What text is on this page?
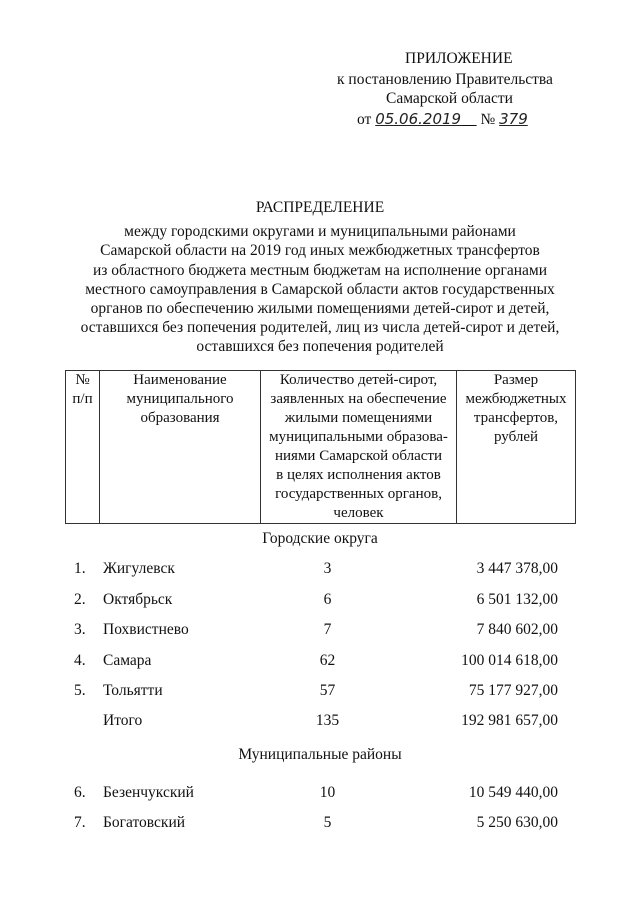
ПРИЛОЖЕНИЕ
к постановлению Правительства
Самарской области
от 05.06.2019 № 379
РАСПРЕДЕЛЕНИЕ
между городскими округами и муниципальными районами
Самарской области на 2019 год иных межбюджетных трансфертов
из областного бюджета местным бюджетам на исполнение органами
местного самоуправления в Самарской области актов государственных
органов по обеспечению жилыми помещениями детей-сирот и детей,
оставшихся без попечения родителей, лиц из числа детей-сирот и детей,
оставшихся без попечения родителей
№
п/п

Наименование
муниципального
образования

Количество детей-сирот,
заявленных на обеспечение
жилыми помещениями
муниципальными образова-
ниями Самарской области
в целях исполнения актов
государственных органов,
человек

Размер
межбюджетных
трансфертов,
рублей
Городские округа
1. Жигулевск	3	3 447 378,00
2. Октябрьск	6	6 501 132,00
3. Похвистнево	7	7 840 602,00
4. Самара	62	100 014 618,00
5. Тольятти	57	75 177 927,00
Итого	135	192 981 657,00
Муниципальные районы
6. Безенчукский	10	10 549 440,00
7. Богатовский	5	5 250 630,00
